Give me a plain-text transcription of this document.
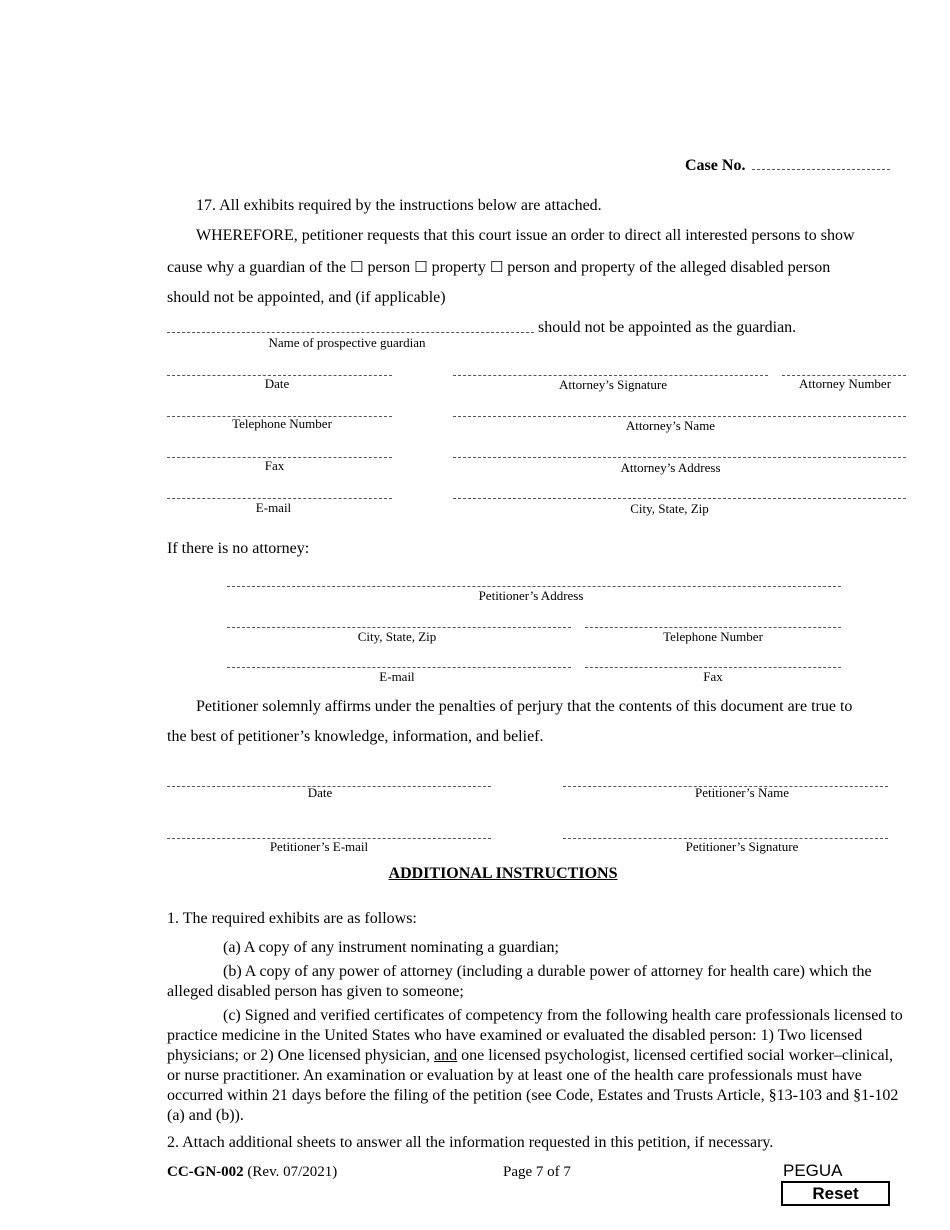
Case No.
17. All exhibits required by the instructions below are attached.
WHEREFORE, petitioner requests that this court issue an order to direct all interested persons to show
cause why a guardian of the ☐ person ☐ property ☐ person and property of the alleged disabled person
should not be appointed, and (if applicable)
should not be appointed as the guardian.
Name of prospective guardian
Date	Attorney’s Signature	Attorney Number
Telephone Number	Attorney’s Name
Fax	Attorney’s Address
E-mail	City, State, Zip
If there is no attorney:
Petitioner’s Address
City, State, Zip	Telephone Number
E-mail	Fax
Petitioner solemnly affirms under the penalties of perjury that the contents of this document are true to
the best of petitioner’s knowledge, information, and belief.
Date	Petitioner’s Name
Petitioner’s E-mail	Petitioner’s Signature
ADDITIONAL INSTRUCTIONS
1. The required exhibits are as follows:
(a) A copy of any instrument nominating a guardian;
(b) A copy of any power of attorney (including a durable power of attorney for health care) which the alleged disabled person has given to someone;
(c) Signed and verified certificates of competency from the following health care professionals licensed to practice medicine in the United States who have examined or evaluated the disabled person: 1) Two licensed physicians; or 2) One licensed physician, and one licensed psychologist, licensed certified social worker–clinical, or nurse practitioner. An examination or evaluation by at least one of the health care professionals must have occurred within 21 days before the filing of the petition (see Code, Estates and Trusts Article, §13-103 and §1-102 (a) and (b)).
2. Attach additional sheets to answer all the information requested in this petition, if necessary.
CC-GN-002 (Rev. 07/2021)	Page 7 of 7	PEGUA
Reset
